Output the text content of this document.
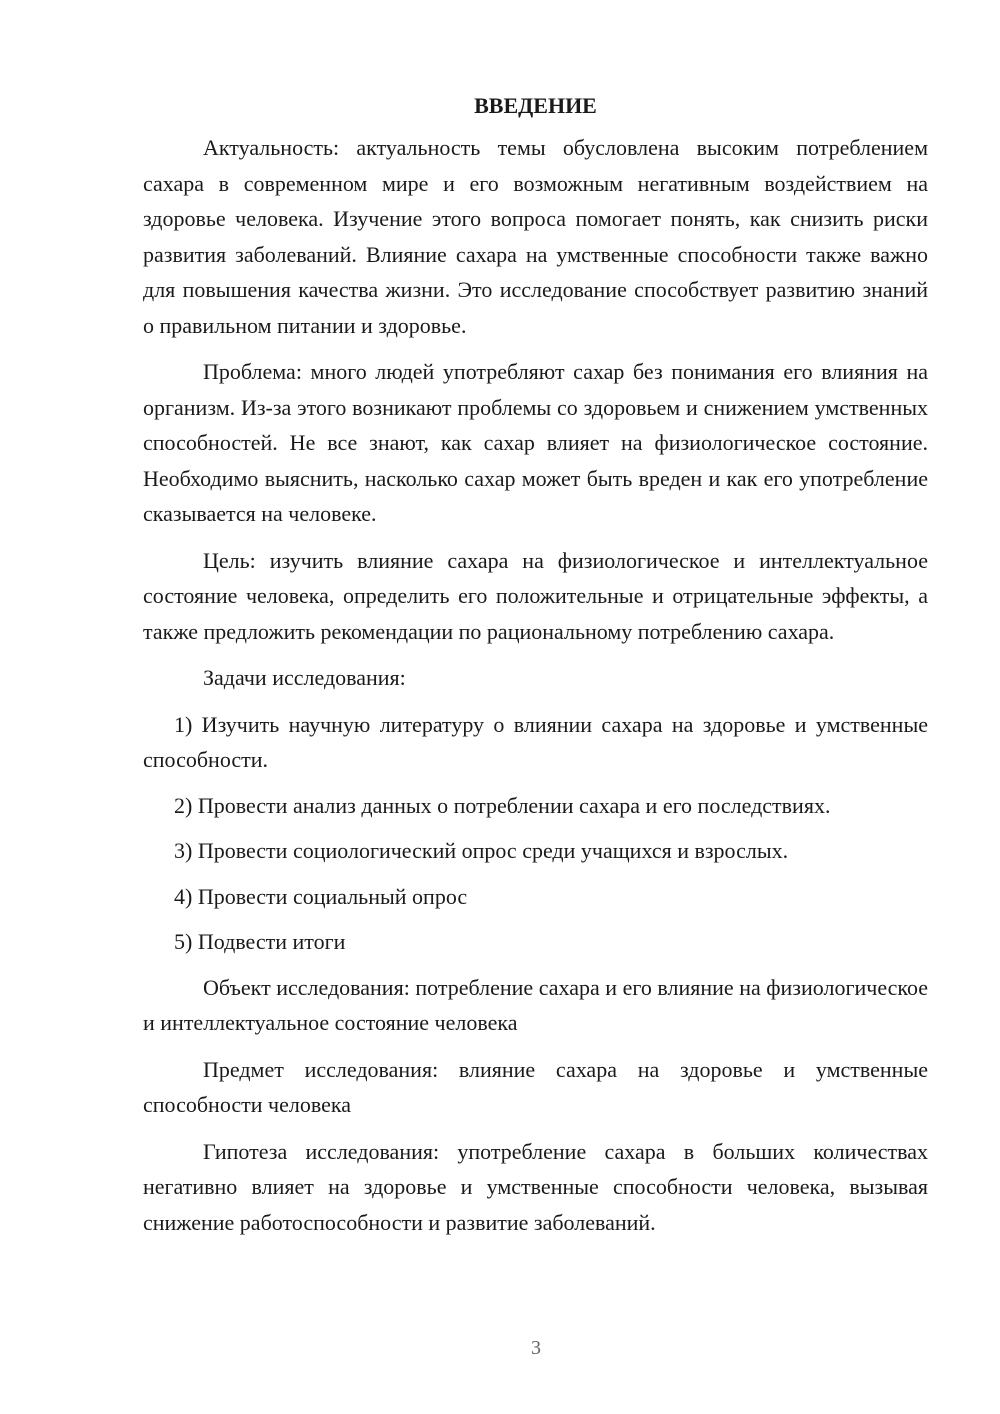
ВВЕДЕНИЕ

Актуальность: актуальность темы обусловлена высоким потреблением сахара в современном мире и его возможным негативным воздействием на здоровье человека. Изучение этого вопроса помогает понять, как снизить риски развития заболеваний. Влияние сахара на умственные способности также важно для повышения качества жизни. Это исследование способствует развитию знаний о правильном питании и здоровье.

Проблема: много людей употребляют сахар без понимания его влияния на организм. Из-за этого возникают проблемы со здоровьем и снижением умственных способностей. Не все знают, как сахар влияет на физиологическое состояние. Необходимо выяснить, насколько сахар может быть вреден и как его употребление сказывается на человеке.

Цель: изучить влияние сахара на физиологическое и интеллектуальное состояние человека, определить его положительные и отрицательные эффекты, а также предложить рекомендации по рациональному потреблению сахара.

Задачи исследования:

1) Изучить научную литературу о влиянии сахара на здоровье и умственные способности.

2) Провести анализ данных о потреблении сахара и его последствиях.

3) Провести социологический опрос среди учащихся и взрослых.

4) Провести социальный опрос

5) Подвести итоги

Объект исследования: потребление сахара и его влияние на физиологическое и интеллектуальное состояние человека

Предмет исследования: влияние сахара на здоровье и умственные способности человека

Гипотеза исследования: употребление сахара в больших количествах негативно влияет на здоровье и умственные способности человека, вызывая снижение работоспособности и развитие заболеваний.

3
